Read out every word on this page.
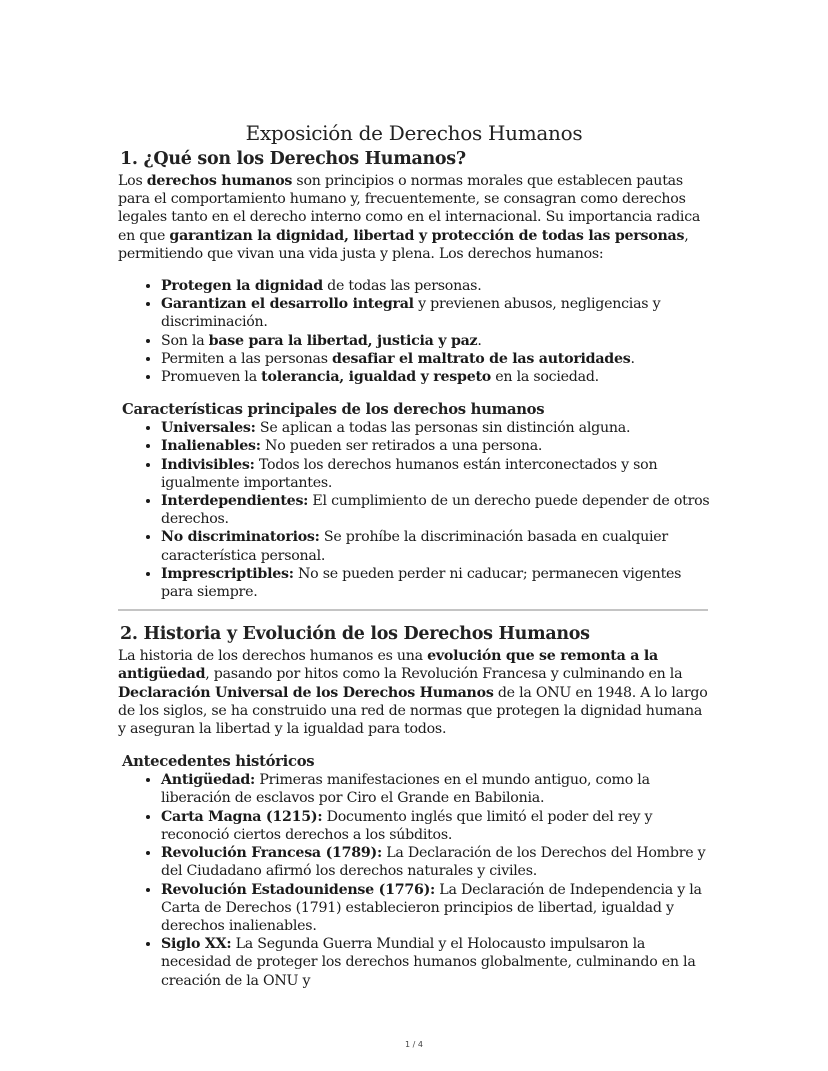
Exposición de Derechos Humanos
1. ¿Qué son los Derechos Humanos?

Los derechos humanos son principios o normas morales que establecen pautas para el comportamiento humano y, frecuentemente, se consagran como derechos legales tanto en el derecho interno como en el internacional. Su importancia radica en que garantizan la dignidad, libertad y protección de todas las personas, permitiendo que vivan una vida justa y plena. Los derechos humanos:

• Protegen la dignidad de todas las personas.
• Garantizan el desarrollo integral y previenen abusos, negligencias y discriminación.
• Son la base para la libertad, justicia y paz.
• Permiten a las personas desafiar el maltrato de las autoridades.
• Promueven la tolerancia, igualdad y respeto en la sociedad.
Características principales de los derechos humanos
• Universales: Se aplican a todas las personas sin distinción alguna.
• Inalienables: No pueden ser retirados a una persona.
• Indivisibles: Todos los derechos humanos están interconectados y son igualmente importantes.
• Interdependientes: El cumplimiento de un derecho puede depender de otros derechos.
• No discriminatorios: Se prohíbe la discriminación basada en cualquier característica personal.
• Imprescriptibles: No se pueden perder ni caducar; permanecen vigentes para siempre.
2. Historia y Evolución de los Derechos Humanos

La historia de los derechos humanos es una evolución que se remonta a la antigüedad, pasando por hitos como la Revolución Francesa y culminando en la Declaración Universal de los Derechos Humanos de la ONU en 1948. A lo largo de los siglos, se ha construido una red de normas que protegen la dignidad humana y aseguran la libertad y la igualdad para todos.

Antecedentes históricos
• Antigüedad: Primeras manifestaciones en el mundo antiguo, como la liberación de esclavos por Ciro el Grande en Babilonia.
• Carta Magna (1215): Documento inglés que limitó el poder del rey y reconoció ciertos derechos a los súbditos.
• Revolución Francesa (1789): La Declaración de los Derechos del Hombre y del Ciudadano afirmó los derechos naturales y civiles.
• Revolución Estadounidense (1776): La Declaración de Independencia y la Carta de Derechos (1791) establecieron principios de libertad, igualdad y derechos inalienables.
• Siglo XX: La Segunda Guerra Mundial y el Holocausto impulsaron la necesidad de proteger los derechos humanos globalmente, culminando en la creación de la ONU y
1 / 4
